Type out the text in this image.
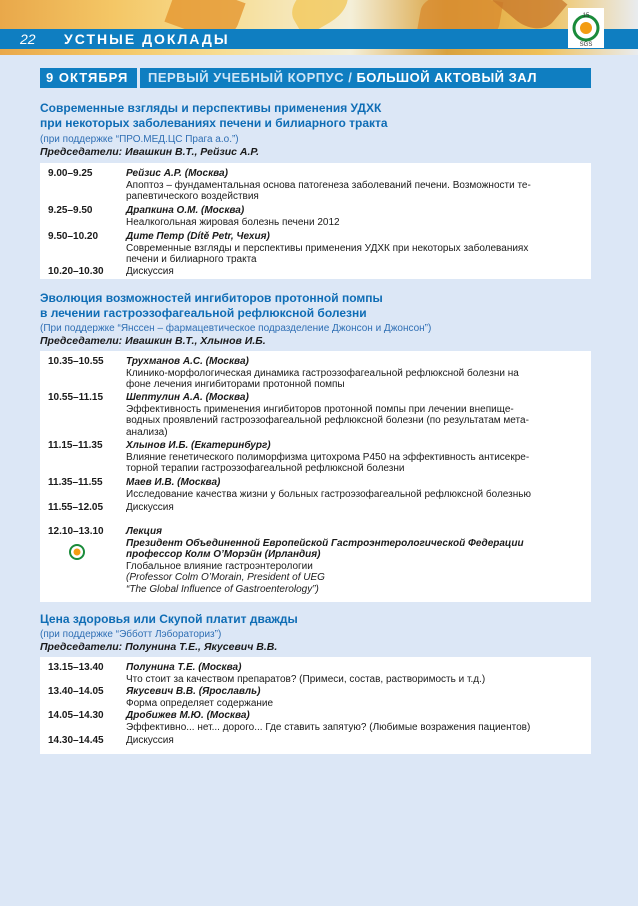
22 УСТНЫЕ ДОКЛАДЫ
15
SGS
9 ОКТЯБРЯ	ПЕРВЫЙ УЧЕБНЫЙ КОРПУС / БОЛЬШОЙ АКТОВЫЙ ЗАЛ
Современные взгляды и перспективы применения УДХК
при некоторых заболеваниях печени и билиарного тракта
(при поддержке “ПРО.МЕД.ЦС Прага а.о.”)
Председатели: Ивашкин В.Т., Рейзис А.Р.
9.00–9.25	Рейзис А.Р. (Москва)
Апоптоз – фундаментальная основа патогенеза заболеваний печени. Возможности те-
рапевтического воздействия
9.25–9.50	Драпкина О.М. (Москва)
Неалкогольная жировая болезнь печени 2012
9.50–10.20	Дите Петр (Dítě Petr, Чехия)
Современные взгляды и перспективы применения УДХК при некоторых заболеваниях
печени и билиарного тракта
10.20–10.30	Дискуссия
Эволюция возможностей ингибиторов протонной помпы
в лечении гастроэзофагеальной рефлюксной болезни
(При поддержке “Янссен – фармацевтическое подразделение Джонсон и Джонсон”)
Председатели: Ивашкин В.Т., Хлынов И.Б.
10.35–10.55	Трухманов А.С. (Москва)
Клинико-морфологическая динамика гастроэзофагеальной рефлюксной болезни на
фоне лечения ингибиторами протонной помпы
10.55–11.15	Шептулин А.А. (Москва)
Эффективность применения ингибиторов протонной помпы при лечении внепище-
водных проявлений гастроэзофагеальной рефлюксной болезни (по результатам мета-
анализа)
11.15–11.35	Хлынов И.Б. (Екатеринбург)
Влияние генетического полиморфизма цитохрома Р450 на эффективность антисекре-
торной терапии гастроэзофагеальной рефлюксной болезни
11.35–11.55	Маев И.В. (Москва)
Исследование качества жизни у больных гастроэзофагеальной рефлюксной болезнью
11.55–12.05	Дискуссия
12.10–13.10	Лекция
Президент Объединенной Европейской Гастроэнтерологической Федерации
профессор Колм О’Морэйн (Ирландия)
Глобальное влияние гастроэнтерологии
(Professor Colm O’Morain, President of UEG
“The Global Influence of Gastroenterology”)
Цена здоровья или Скупой платит дважды
(при поддержке “Эбботт Лэбораториз”)
Председатели: Полунина Т.Е., Якусевич В.В.
13.15–13.40	Полунина Т.Е. (Москва)
Что стоит за качеством препаратов? (Примеси, состав, растворимость и т.д.)
13.40–14.05	Якусевич В.В. (Ярославль)
Форма определяет содержание
14.05–14.30	Дробижев М.Ю. (Москва)
Эффективно... нет... дорого... Где ставить запятую? (Любимые возражения пациентов)
14.30–14.45	Дискуссия
